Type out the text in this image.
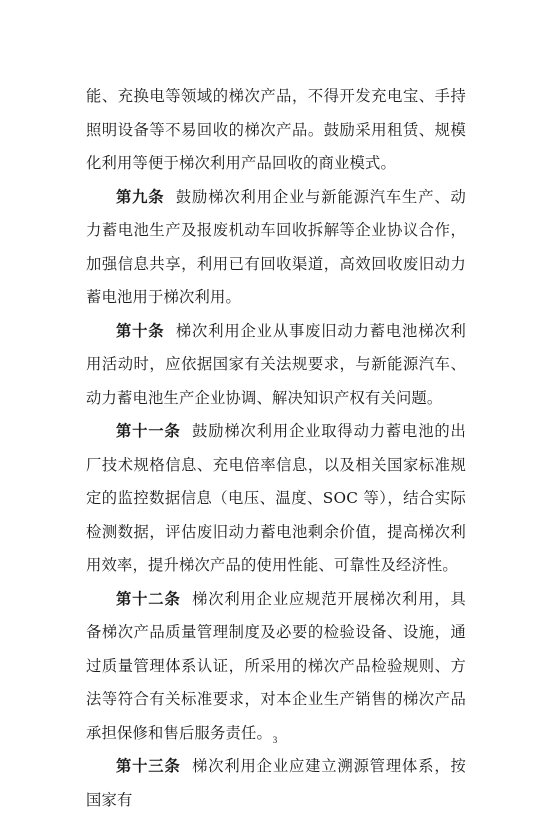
能、充换电等领域的梯次产品，不得开发充电宝、手持照明设备等不易回收的梯次产品。鼓励采用租赁、规模化利用等便于梯次利用产品回收的商业模式。

第九条 鼓励梯次利用企业与新能源汽车生产、动力蓄电池生产及报废机动车回收拆解等企业协议合作，加强信息共享，利用已有回收渠道，高效回收废旧动力蓄电池用于梯次利用。

第十条 梯次利用企业从事废旧动力蓄电池梯次利用活动时，应依据国家有关法规要求，与新能源汽车、动力蓄电池生产企业协调、解决知识产权有关问题。

第十一条 鼓励梯次利用企业取得动力蓄电池的出厂技术规格信息、充电倍率信息，以及相关国家标准规定的监控数据信息（电压、温度、SOC 等），结合实际检测数据，评估废旧动力蓄电池剩余价值，提高梯次利用效率，提升梯次产品的使用性能、可靠性及经济性。

第十二条 梯次利用企业应规范开展梯次利用，具备梯次产品质量管理制度及必要的检验设备、设施，通过质量管理体系认证，所采用的梯次产品检验规则、方法等符合有关标准要求，对本企业生产销售的梯次产品承担保修和售后服务责任。

第十三条 梯次利用企业应建立溯源管理体系，按国家有

3
